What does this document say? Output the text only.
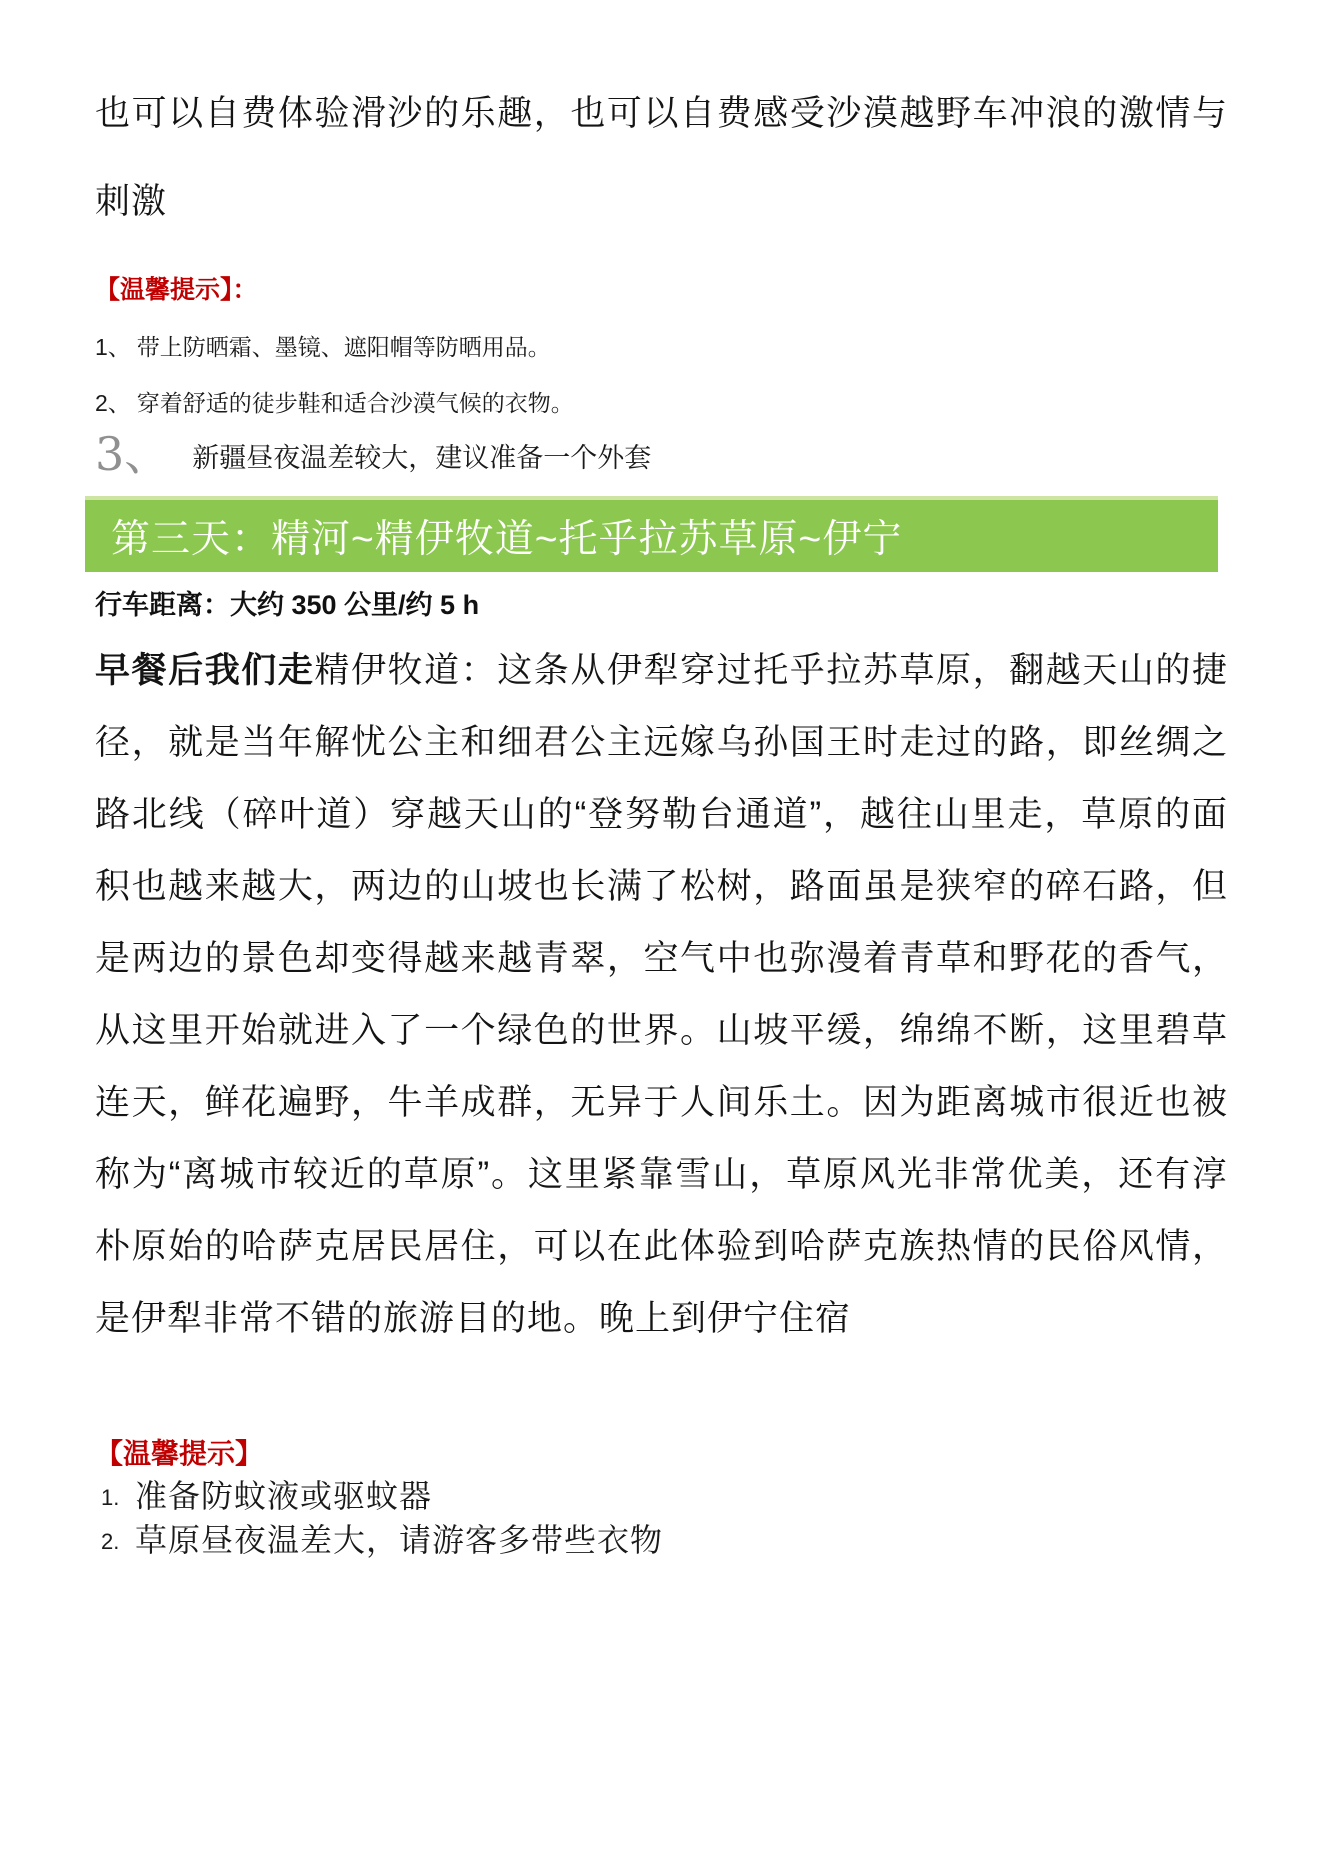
也可以自费体验滑沙的乐趣，也可以自费感受沙漠越野车冲浪的激情与刺激
【温馨提示】：
1、 带上防晒霜、墨镜、遮阳帽等防晒用品。
2、 穿着舒适的徒步鞋和适合沙漠气候的衣物。
3、 新疆昼夜温差较大，建议准备一个外套
第三天：精河~精伊牧道~托乎拉苏草原~伊宁
行车距离：大约 350 公里/约 5 h
早餐后我们走精伊牧道：这条从伊犁穿过托乎拉苏草原，翻越天山的捷径，就是当年解忧公主和细君公主远嫁乌孙国王时走过的路，即丝绸之路北线（碎叶道）穿越天山的“登努勒台通道”，越往山里走，草原的面积也越来越大，两边的山坡也长满了松树，路面虽是狭窄的碎石路，但是两边的景色却变得越来越青翠，空气中也弥漫着青草和野花的香气，从这里开始就进入了一个绿色的世界。山坡平缓，绵绵不断，这里碧草连天，鲜花遍野，牛羊成群，无异于人间乐土。因为距离城市很近也被称为“离城市较近的草原”。这里紧靠雪山，草原风光非常优美，还有淳朴原始的哈萨克居民居住，可以在此体验到哈萨克族热情的民俗风情，是伊犁非常不错的旅游目的地。晚上到伊宁住宿
【温馨提示】
1. 准备防蚊液或驱蚊器
2. 草原昼夜温差大，请游客多带些衣物
